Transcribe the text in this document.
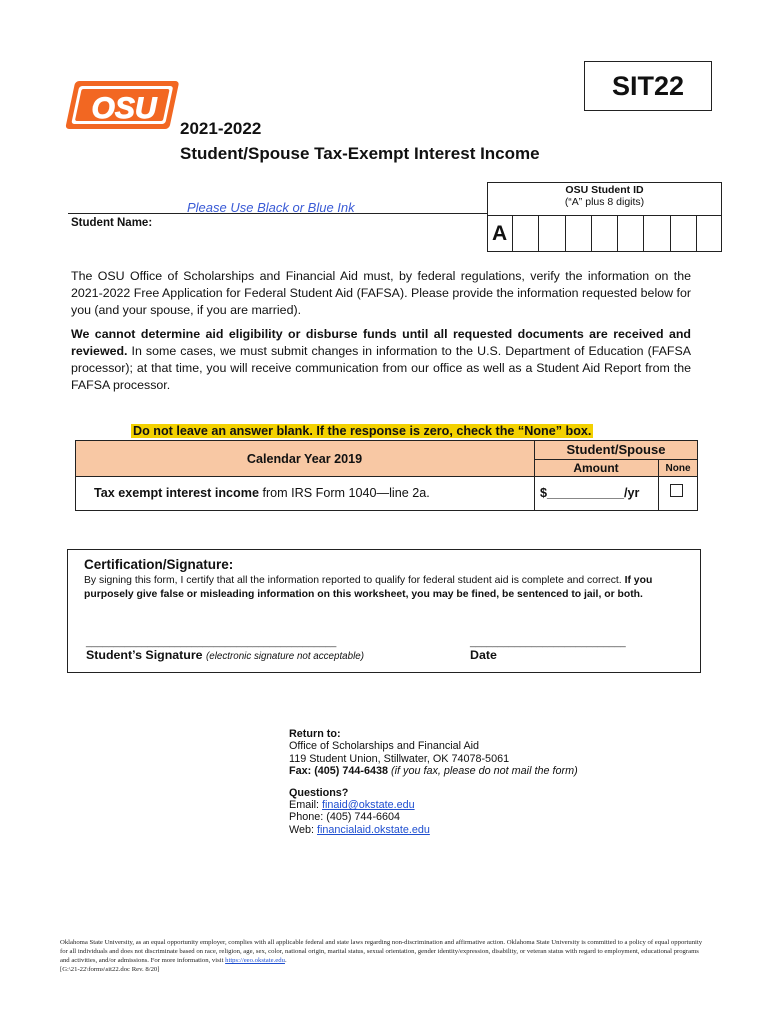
OSU
SIT22
2021-2022
Student/Spouse Tax-Exempt Interest Income
Please Use Black or Blue Ink
Student Name:
OSU Student ID
(“A” plus 8 digits)
A
The OSU Office of Scholarships and Financial Aid must, by federal regulations, verify the information on the 2021-2022 Free Application for Federal Student Aid (FAFSA). Please provide the information requested below for you (and your spouse, if you are married).
We cannot determine aid eligibility or disburse funds until all requested documents are received and reviewed. In some cases, we must submit changes in information to the U.S. Department of Education (FAFSA processor); at that time, you will receive communication from our office as well as a Student Aid Report from the FAFSA processor.
Do not leave an answer blank. If the response is zero, check the “None” box.
Calendar Year 2019
Student/Spouse
Amount	None
Tax exempt interest income from IRS Form 1040—line 2a.	$___________/yr
Certification/Signature:
By signing this form, I certify that all the information reported to qualify for federal student aid is complete and correct. If you purposely give false or misleading information on this worksheet, you may be fined, be sentenced to jail, or both.
_____________________________________________	____________________________
Student’s Signature (electronic signature not acceptable)	Date
Return to:
Office of Scholarships and Financial Aid
119 Student Union, Stillwater, OK 74078-5061
Fax: (405) 744-6438 (if you fax, please do not mail the form)
Questions?
Email: finaid@okstate.edu
Phone: (405) 744-6604
Web: financialaid.okstate.edu
Oklahoma State University, as an equal opportunity employer, complies with all applicable federal and state laws regarding non-discrimination and affirmative action. Oklahoma State University is committed to a policy of equal opportunity for all individuals and does not discriminate based on race, religion, age, sex, color, national origin, marital status, sexual orientation, gender identity/expression, disability, or veteran status with regard to employment, educational programs and activities, and/or admissions. For more information, visit https://eeo.okstate.edu.
[G:\21-22\forms\sit22.doc Rev. 8/20]
